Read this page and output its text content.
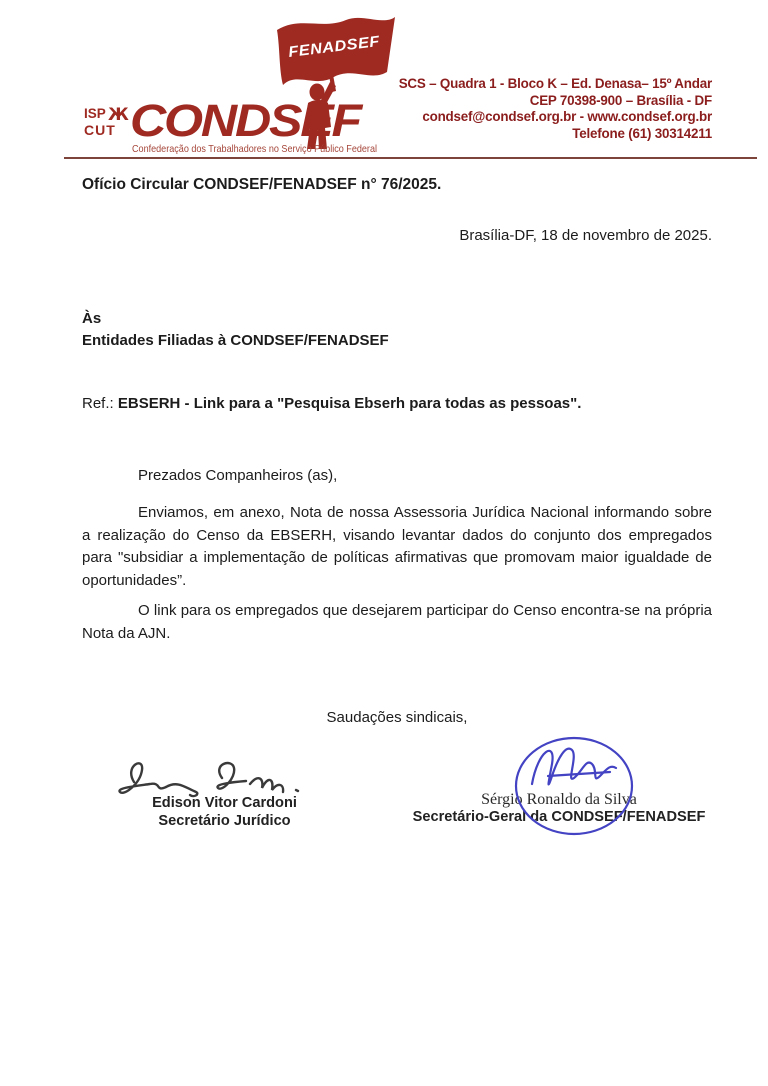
FENADSEF
ISP Ж
CUT CONDSEF
Confederação dos Trabalhadores no Serviço Público Federal
SCS – Quadra 1 - Bloco K – Ed. Denasa– 15º Andar
CEP 70398-900 – Brasília - DF
condsef@condsef.org.br - www.condsef.org.br
Telefone (61) 30314211
Ofício Circular CONDSEF/FENADSEF n° 76/2025.
Brasília-DF, 18 de novembro de 2025.
Às
Entidades Filiadas à CONDSEF/FENADSEF
Ref.: EBSERH - Link para a "Pesquisa Ebserh para todas as pessoas".
Prezados Companheiros (as),
Enviamos, em anexo, Nota de nossa Assessoria Jurídica Nacional informando sobre a realização do Censo da EBSERH, visando levantar dados do conjunto dos empregados para "subsidiar a implementação de políticas afirmativas que promovam maior igualdade de oportunidades”.
O link para os empregados que desejarem participar do Censo encontra-se na própria Nota da AJN.
Saudações sindicais,
Edison Vitor Cardoni
Secretário Jurídico
Sérgio Ronaldo da Silva
Secretário-Geral da CONDSEF/FENADSEF
